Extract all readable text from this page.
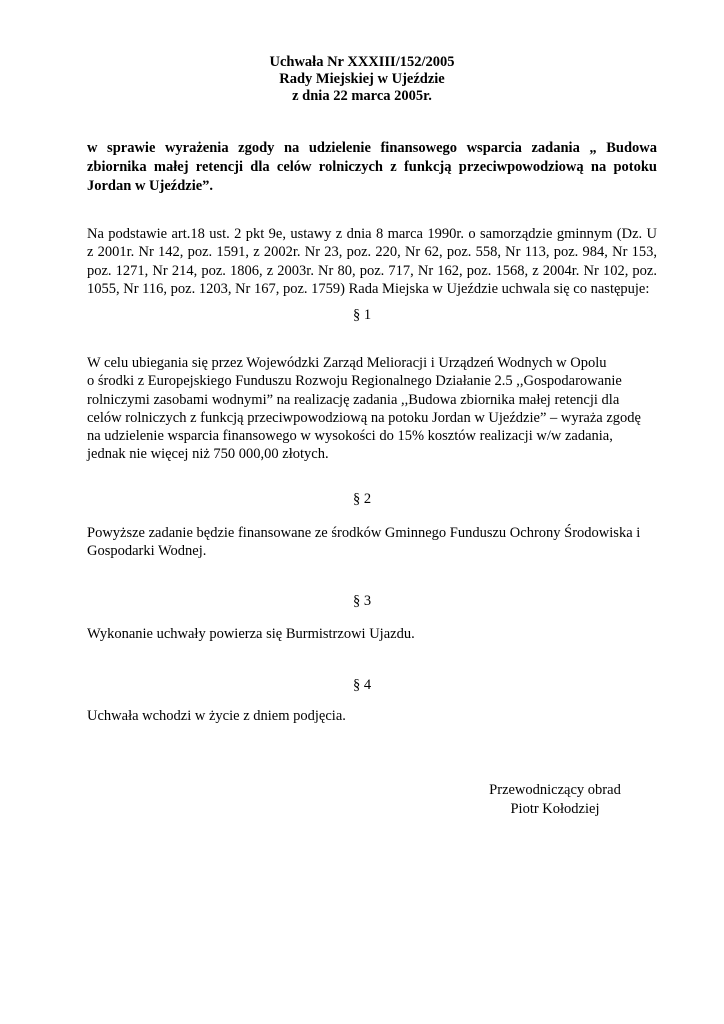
Uchwała Nr XXXIII/152/2005
Rady Miejskiej w Ujeździe
z dnia 22 marca 2005r.
w sprawie wyrażenia zgody na udzielenie finansowego wsparcia zadania „ Budowa
zbiornika małej retencji dla celów rolniczych z funkcją przeciwpowodziową na potoku
Jordan w Ujeździe”.
Na podstawie art.18 ust. 2 pkt 9e, ustawy z dnia 8 marca 1990r. o samorządzie gminnym (Dz. U
z 2001r. Nr 142, poz. 1591, z 2002r. Nr 23, poz. 220, Nr 62, poz. 558, Nr 113, poz. 984, Nr 153,
poz. 1271, Nr 214, poz. 1806, z 2003r. Nr 80, poz. 717, Nr 162, poz. 1568, z 2004r. Nr 102, poz.
1055, Nr 116, poz. 1203, Nr 167, poz. 1759) Rada Miejska w Ujeździe uchwala się co następuje:
§ 1
W celu ubiegania się przez Wojewódzki Zarząd Melioracji i Urządzeń Wodnych w Opolu
o środki z Europejskiego Funduszu Rozwoju Regionalnego Działanie 2.5 ,,Gospodarowanie
rolniczymi zasobami wodnymi” na realizację zadania ,,Budowa zbiornika małej retencji dla
celów rolniczych z funkcją przeciwpowodziową na potoku Jordan w Ujeździe” – wyraża zgodę
na udzielenie wsparcia finansowego w wysokości do 15% kosztów realizacji w/w zadania,
jednak nie więcej niż 750 000,00 złotych.
§ 2
Powyższe zadanie będzie finansowane ze środków Gminnego Funduszu Ochrony Środowiska i
Gospodarki Wodnej.
§ 3
Wykonanie uchwały powierza się Burmistrzowi Ujazdu.
§ 4
Uchwała wchodzi w życie z dniem podjęcia.
Przewodniczący obrad
Piotr Kołodziej
